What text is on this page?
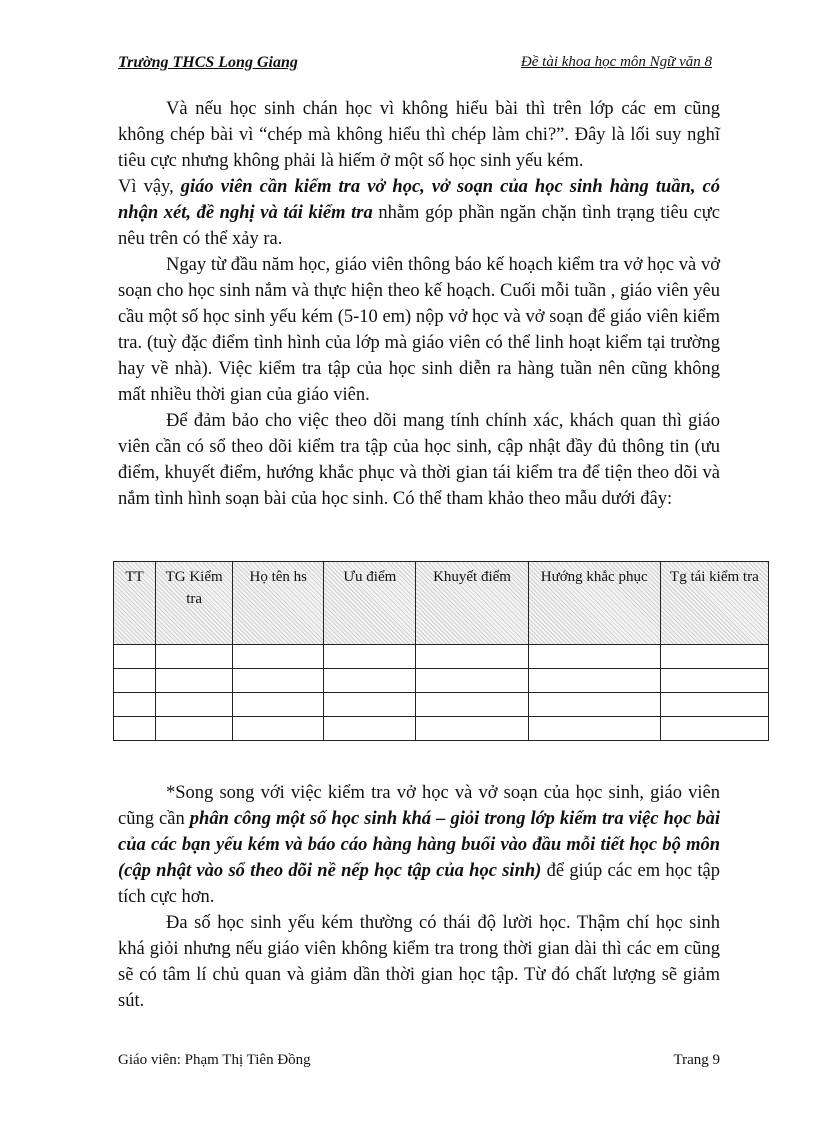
Trường THCS Long Giang	Đề tài khoa học môn Ngữ văn 8

Và nếu học sinh chán học vì không hiểu bài thì trên lớp các em cũng không chép bài vì “chép mà không hiểu thì chép làm chi?”. Đây là lối suy nghĩ tiêu cực nhưng không phải là hiếm ở một số học sinh yếu kém.

Vì vậy, giáo viên cần kiểm tra vở học, vở soạn của học sinh hàng tuần, có nhận xét, đề nghị và tái kiểm tra nhằm góp phần ngăn chặn tình trạng tiêu cực nêu trên có thể xảy ra.

Ngay từ đầu năm học, giáo viên thông báo kế hoạch kiểm tra vở học và vở soạn cho học sinh nắm và thực hiện theo kế hoạch. Cuối mỗi tuần , giáo viên yêu cầu một số học sinh yếu kém (5-10 em) nộp vở học và vở soạn để giáo viên kiểm tra. (tuỳ đặc điểm tình hình của lớp mà giáo viên có thể linh hoạt kiểm tại trường hay về nhà). Việc kiểm tra tập của học sinh diễn ra hàng tuần nên cũng không mất nhiều thời gian của giáo viên.

Để đảm bảo cho việc theo dõi mang tính chính xác, khách quan thì giáo viên cần có sổ theo dõi kiểm tra tập của học sinh, cập nhật đầy đủ thông tin (ưu điểm, khuyết điểm, hướng khắc phục và thời gian tái kiểm tra để tiện theo dõi và nắm tình hình soạn bài của học sinh. Có thể tham khảo theo mẫu dưới đây:

TT	TG Kiểm tra	Họ tên hs	Ưu điểm	Khuyết điểm	Hướng khắc phục	Tg tái kiểm tra

*Song song với việc kiểm tra vở học và vở soạn của học sinh, giáo viên cũng cần phân công một số học sinh khá – giỏi trong lớp kiểm tra việc học bài của các bạn yếu kém và báo cáo hàng hàng buổi vào đầu mỗi tiết học bộ môn (cập nhật vào sổ theo dõi nề nếp học tập của học sinh) để giúp các em học tập tích cực hơn.

Đa số học sinh yếu kém thường có thái độ lười học. Thậm chí học sinh khá giỏi nhưng nếu giáo viên không kiểm tra trong thời gian dài thì các em cũng sẽ có tâm lí chủ quan và giảm dần thời gian học tập. Từ đó chất lượng sẽ giảm sút.

Giáo viên: Phạm Thị Tiên Đồng	Trang 9
